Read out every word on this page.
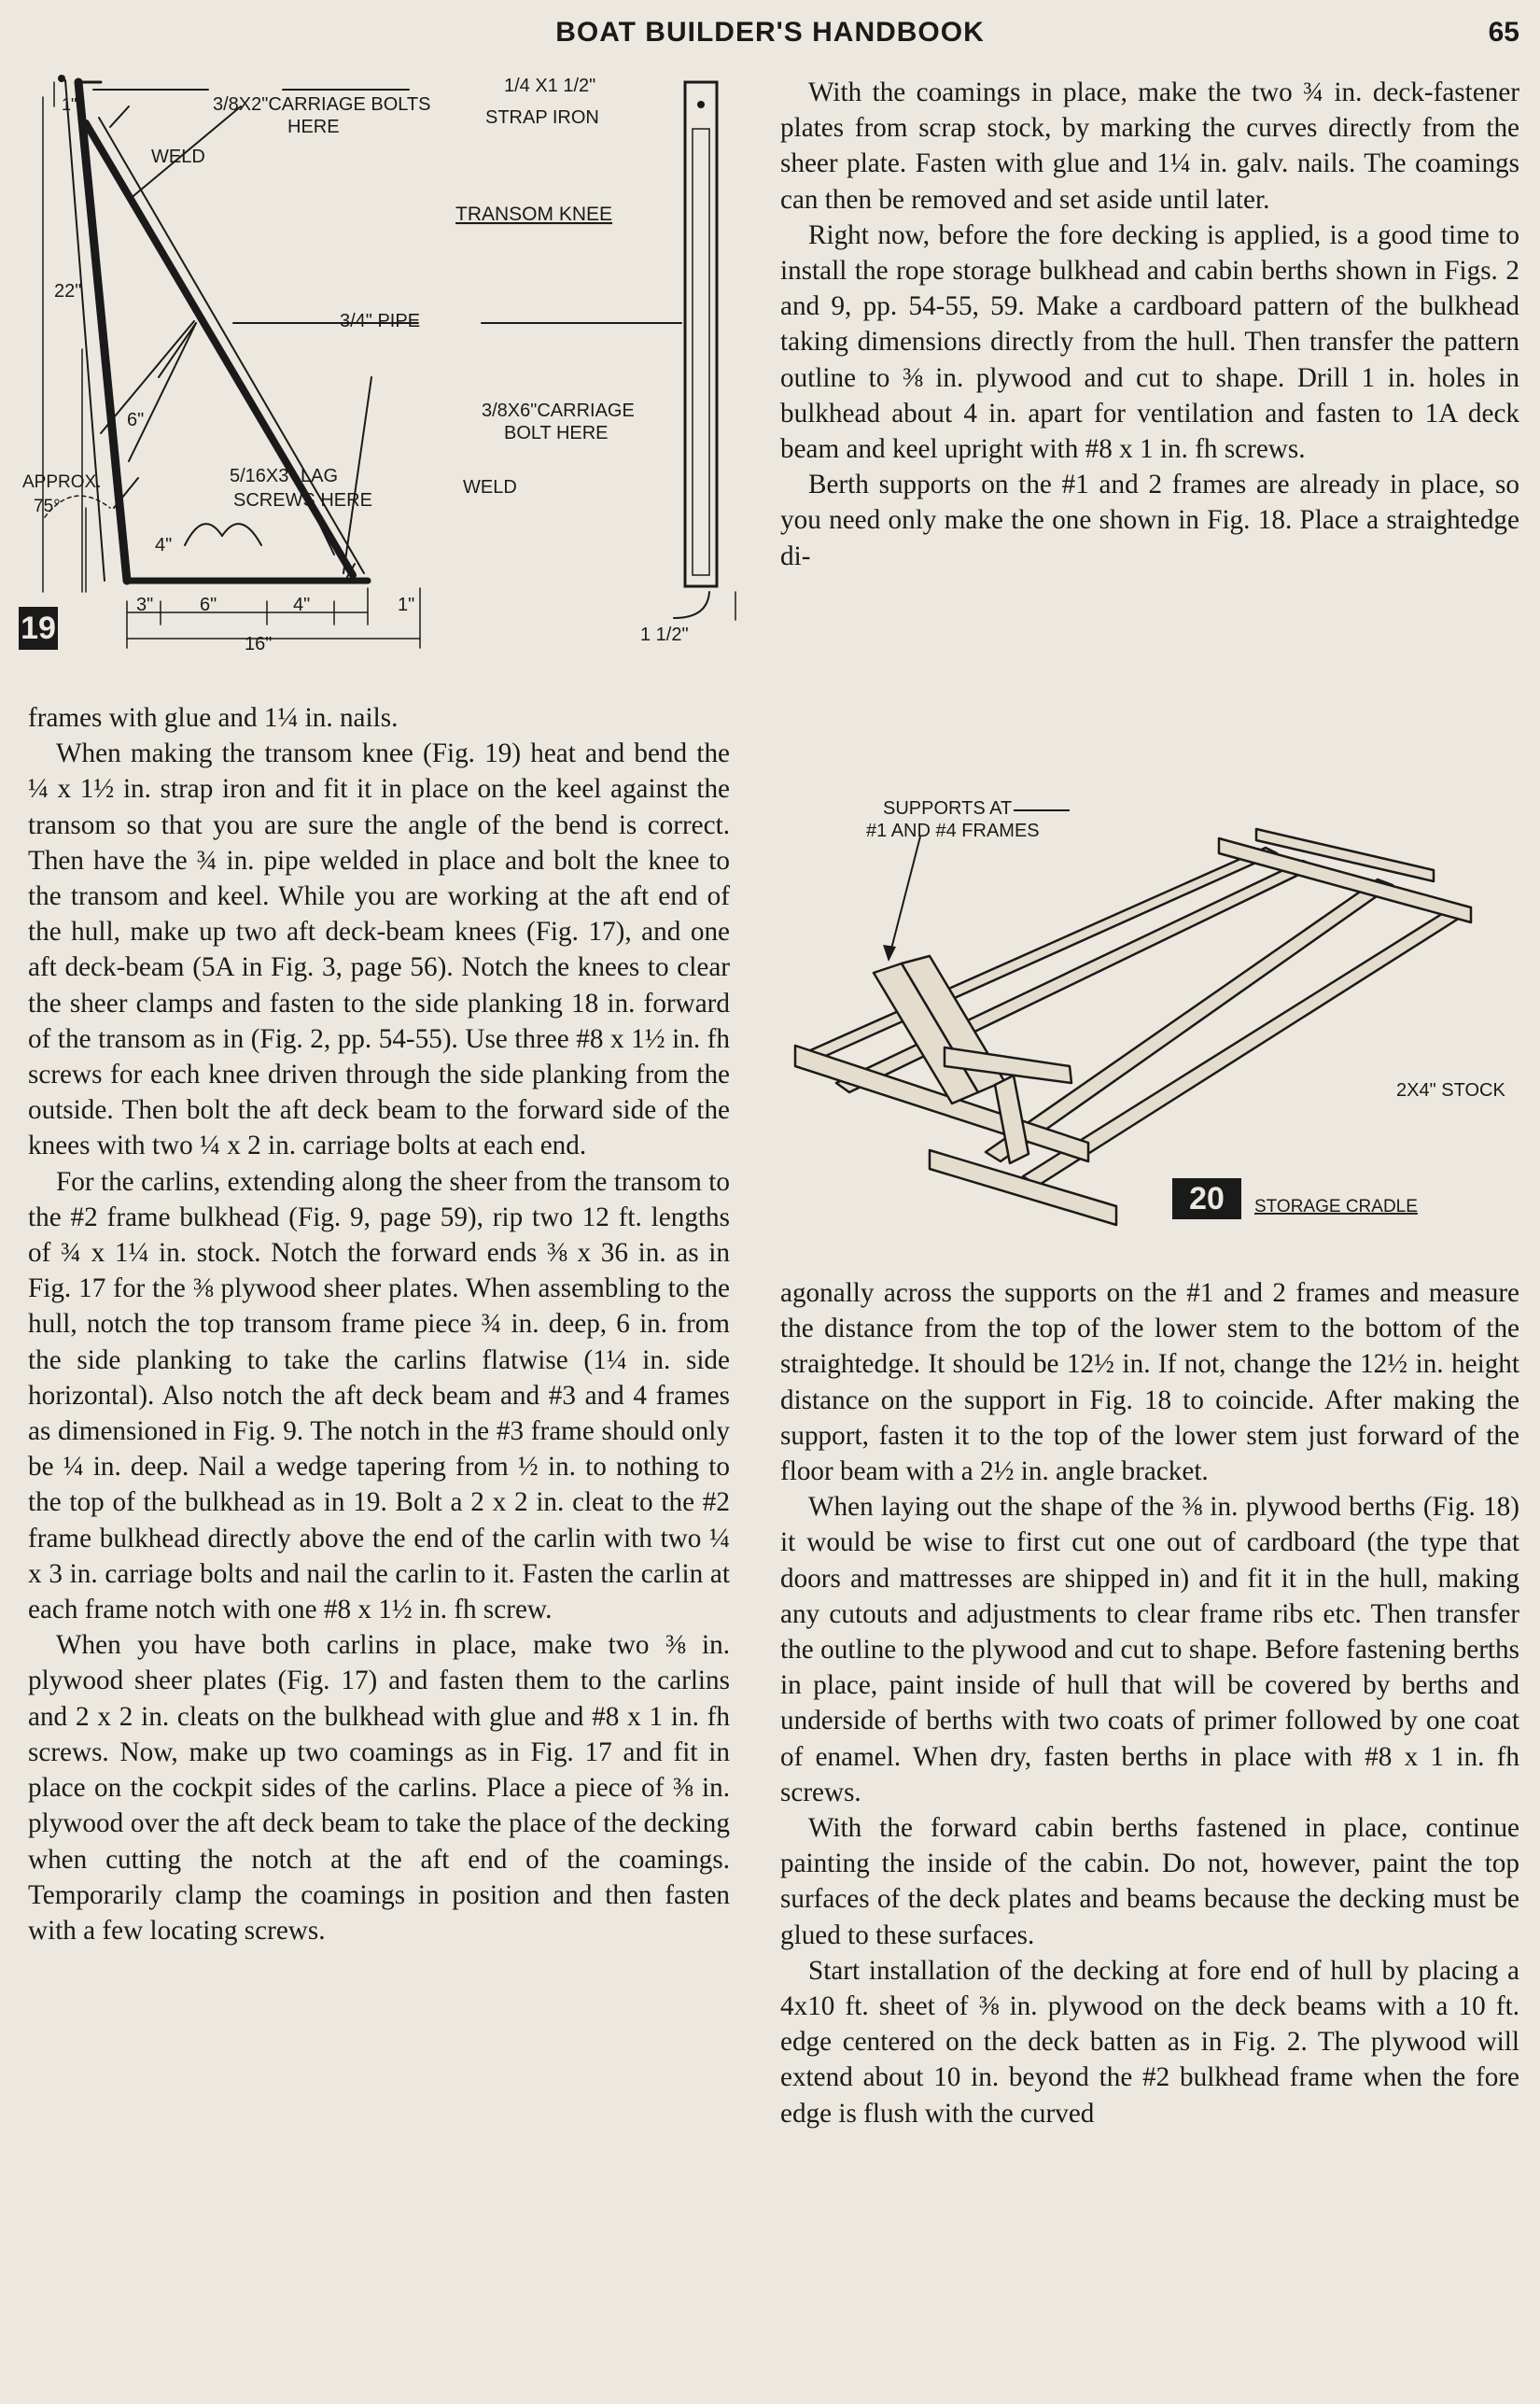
BOAT BUILDER'S HANDBOOK	65
3/8X2"CARRIAGE BOLTS
HERE
1/4 X1 1/2"
STRAP IRON
WELD
TRANSOM KNEE
3/4" PIPE
3/8X6"CARRIAGE
BOLT HERE
WELD
5/16X3" LAG
SCREWS HERE
APPROX.
75°
22"
6"
4"
1"
3" 6"	4"	1"
16"	1 1/2"
19
SUPPORTS AT
#1 AND #4 FRAMES
2X4" STOCK
STORAGE CRADLE
20

frames with glue and 1¼ in. nails.

When making the transom knee (Fig. 19) heat and bend the ¼ x 1½ in. strap iron and fit it in place on the keel against the transom so that you are sure the angle of the bend is correct. Then have the ¾ in. pipe welded in place and bolt the knee to the transom and keel. While you are working at the aft end of the hull, make up two aft deck-beam knees (Fig. 17), and one aft deck-beam (5A in Fig. 3, page 56). Notch the knees to clear the sheer clamps and fasten to the side planking 18 in. forward of the transom as in (Fig. 2, pp. 54-55). Use three #8 x 1½ in. fh screws for each knee driven through the side planking from the outside. Then bolt the aft deck beam to the forward side of the knees with two ¼ x 2 in. carriage bolts at each end.

For the carlins, extending along the sheer from the transom to the #2 frame bulkhead (Fig. 9, page 59), rip two 12 ft. lengths of ¾ x 1¼ in. stock. Notch the forward ends ⅜ x 36 in. as in Fig. 17 for the ⅜ plywood sheer plates. When assembling to the hull, notch the top transom frame piece ¾ in. deep, 6 in. from the side planking to take the carlins flatwise (1¼ in. side horizontal). Also notch the aft deck beam and #3 and 4 frames as dimensioned in Fig. 9. The notch in the #3 frame should only be ¼ in. deep. Nail a wedge tapering from ½ in. to nothing to the top of the bulkhead as in 19. Bolt a 2 x 2 in. cleat to the #2 frame bulkhead directly above the end of the carlin with two ¼ x 3 in. carriage bolts and nail the carlin to it. Fasten the carlin at each frame notch with one #8 x 1½ in. fh screw.

When you have both carlins in place, make two ⅜ in. plywood sheer plates (Fig. 17) and fasten them to the carlins and 2 x 2 in. cleats on the bulkhead with glue and #8 x 1 in. fh screws. Now, make up two coamings as in Fig. 17 and fit in place on the cockpit sides of the carlins. Place a piece of ⅜ in. plywood over the aft deck beam to take the place of the decking when cutting the notch at the aft end of the coamings. Temporarily clamp the coamings in position and then fasten with a few locating screws.

With the coamings in place, make the two ¾ in. deck-fastener plates from scrap stock, by marking the curves directly from the sheer plate. Fasten with glue and 1¼ in. galv. nails. The coamings can then be removed and set aside until later.

Right now, before the fore decking is applied, is a good time to install the rope storage bulkhead and cabin berths shown in Figs. 2 and 9, pp. 54-55, 59. Make a cardboard pattern of the bulkhead taking dimensions directly from the hull. Then transfer the pattern outline to ⅜ in. plywood and cut to shape. Drill 1 in. holes in bulkhead about 4 in. apart for ventilation and fasten to 1A deck beam and keel upright with #8 x 1 in. fh screws.

Berth supports on the #1 and 2 frames are already in place, so you need only make the one shown in Fig. 18. Place a straightedge di-

agonally across the supports on the #1 and 2 frames and measure the distance from the top of the lower stem to the bottom of the straightedge. It should be 12½ in. If not, change the 12½ in. height distance on the support in Fig. 18 to coincide. After making the support, fasten it to the top of the lower stem just forward of the floor beam with a 2½ in. angle bracket.

When laying out the shape of the ⅜ in. plywood berths (Fig. 18) it would be wise to first cut one out of cardboard (the type that doors and mattresses are shipped in) and fit it in the hull, making any cutouts and adjustments to clear frame ribs etc. Then transfer the outline to the plywood and cut to shape. Before fastening berths in place, paint inside of hull that will be covered by berths and underside of berths with two coats of primer followed by one coat of enamel. When dry, fasten berths in place with #8 x 1 in. fh screws.

With the forward cabin berths fastened in place, continue painting the inside of the cabin. Do not, however, paint the top surfaces of the deck plates and beams because the decking must be glued to these surfaces.

Start installation of the decking at fore end of hull by placing a 4x10 ft. sheet of ⅜ in. plywood on the deck beams with a 10 ft. edge centered on the deck batten as in Fig. 2. The plywood will extend about 10 in. beyond the #2 bulkhead frame when the fore edge is flush with the curved
